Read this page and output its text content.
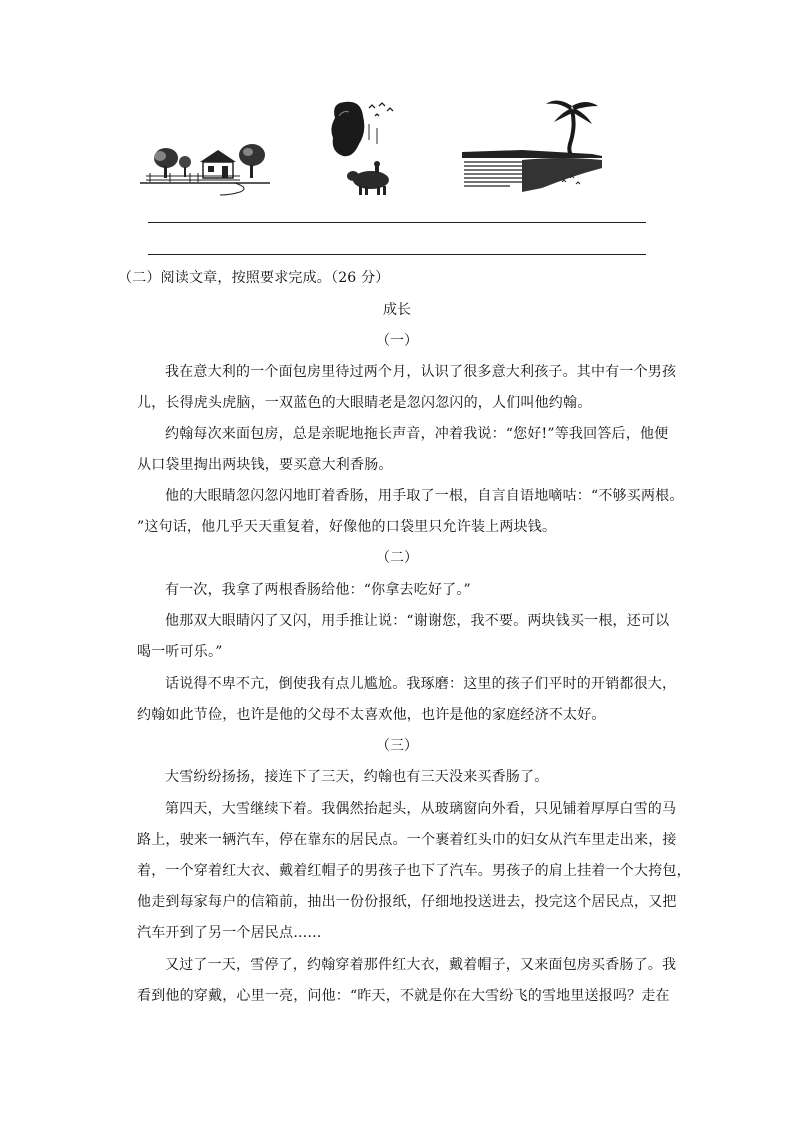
（二）阅读文章，按照要求完成。（26 分）
成长
（一）
我在意大利的一个面包房里待过两个月，认识了很多意大利孩子。其中有一个男孩
儿，长得虎头虎脑，一双蓝色的大眼睛老是忽闪忽闪的，人们叫他约翰。
约翰每次来面包房，总是亲昵地拖长声音，冲着我说：“您好!”等我回答后，他便
从口袋里掏出两块钱，要买意大利香肠。
他的大眼睛忽闪忽闪地盯着香肠，用手取了一根，自言自语地嘀咕：“不够买两根。
”这句话，他几乎天天重复着，好像他的口袋里只允许装上两块钱。
（二）
有一次，我拿了两根香肠给他：“你拿去吃好了。”
他那双大眼睛闪了又闪，用手推让说：“谢谢您，我不要。两块钱买一根，还可以
喝一听可乐。”
话说得不卑不亢，倒使我有点儿尴尬。我琢磨：这里的孩子们平时的开销都很大，
约翰如此节俭，也许是他的父母不太喜欢他，也许是他的家庭经济不太好。
（三）
大雪纷纷扬扬，接连下了三天，约翰也有三天没来买香肠了。
第四天，大雪继续下着。我偶然抬起头，从玻璃窗向外看，只见铺着厚厚白雪的马
路上，驶来一辆汽车，停在靠东的居民点。一个裹着红头巾的妇女从汽车里走出来，接
着，一个穿着红大衣、戴着红帽子的男孩子也下了汽车。男孩子的肩上挂着一个大挎包，
他走到每家每户的信箱前，抽出一份份报纸，仔细地投送进去，投完这个居民点，又把
汽车开到了另一个居民点……
又过了一天，雪停了，约翰穿着那件红大衣，戴着帽子，又来面包房买香肠了。我
看到他的穿戴，心里一亮，问他：“昨天，不就是你在大雪纷飞的雪地里送报吗？走在
